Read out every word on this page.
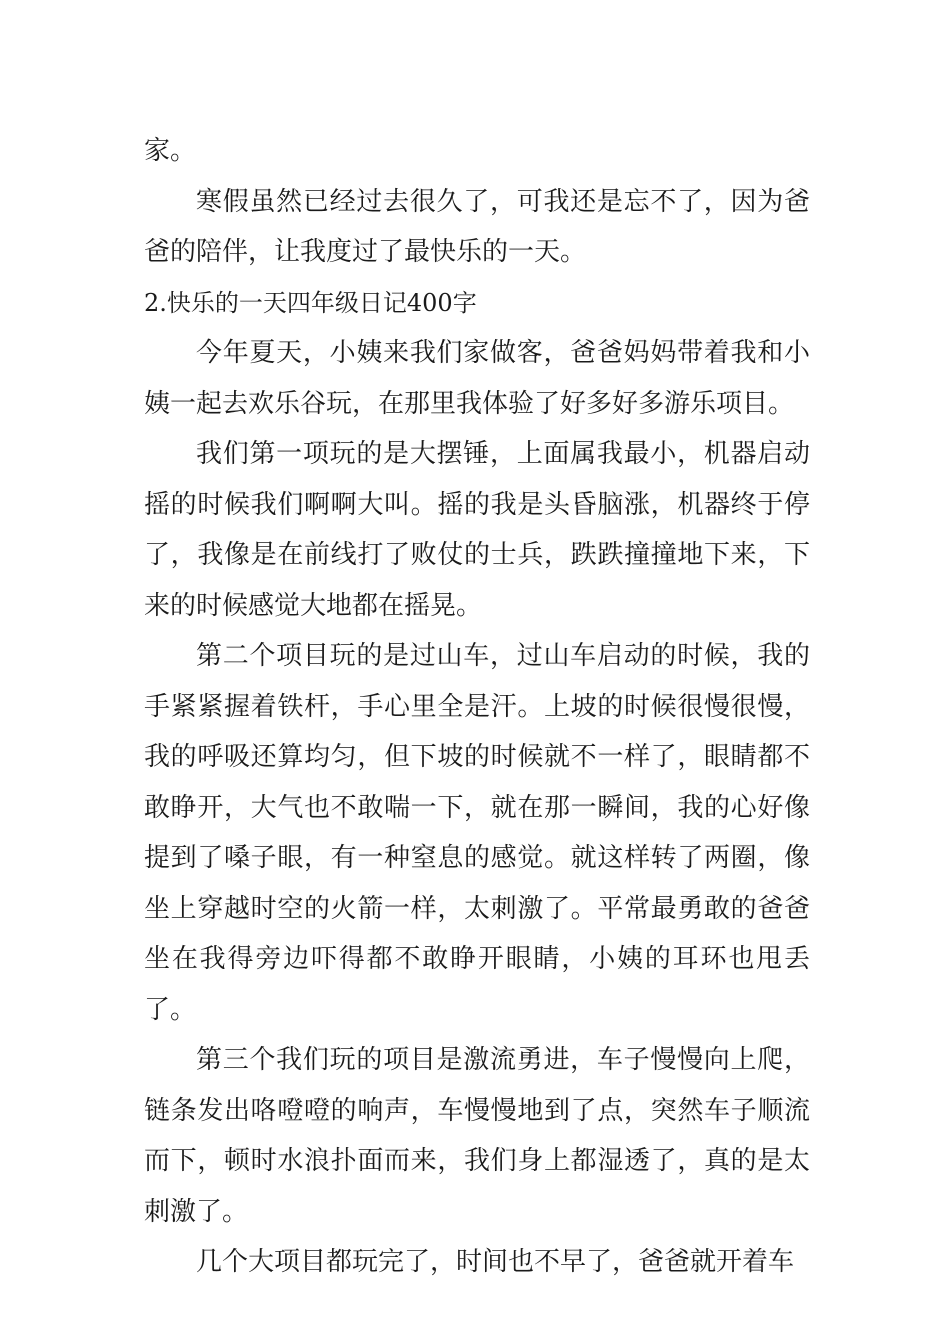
家。

寒假虽然已经过去很久了，可我还是忘不了，因为爸爸的陪伴，让我度过了最快乐的一天。

2.快乐的一天四年级日记400字

今年夏天，小姨来我们家做客，爸爸妈妈带着我和小姨一起去欢乐谷玩，在那里我体验了好多好多游乐项目。

我们第一项玩的是大摆锤，上面属我最小，机器启动摇的时候我们啊啊大叫。摇的我是头昏脑涨，机器终于停了，我像是在前线打了败仗的士兵，跌跌撞撞地下来，下来的时候感觉大地都在摇晃。

第二个项目玩的是过山车，过山车启动的时候，我的手紧紧握着铁杆，手心里全是汗。上坡的时候很慢很慢，我的呼吸还算均匀，但下坡的时候就不一样了，眼睛都不敢睁开，大气也不敢喘一下，就在那一瞬间，我的心好像提到了嗓子眼，有一种窒息的感觉。就这样转了两圈，像坐上穿越时空的火箭一样，太刺激了。平常最勇敢的爸爸坐在我得旁边吓得都不敢睁开眼睛，小姨的耳环也甩丢了。

第三个我们玩的项目是激流勇进，车子慢慢向上爬，链条发出咯噔噔的响声，车慢慢地到了点，突然车子顺流而下，顿时水浪扑面而来，我们身上都湿透了，真的是太刺激了。

几个大项目都玩完了，时间也不早了，爸爸就开着车
